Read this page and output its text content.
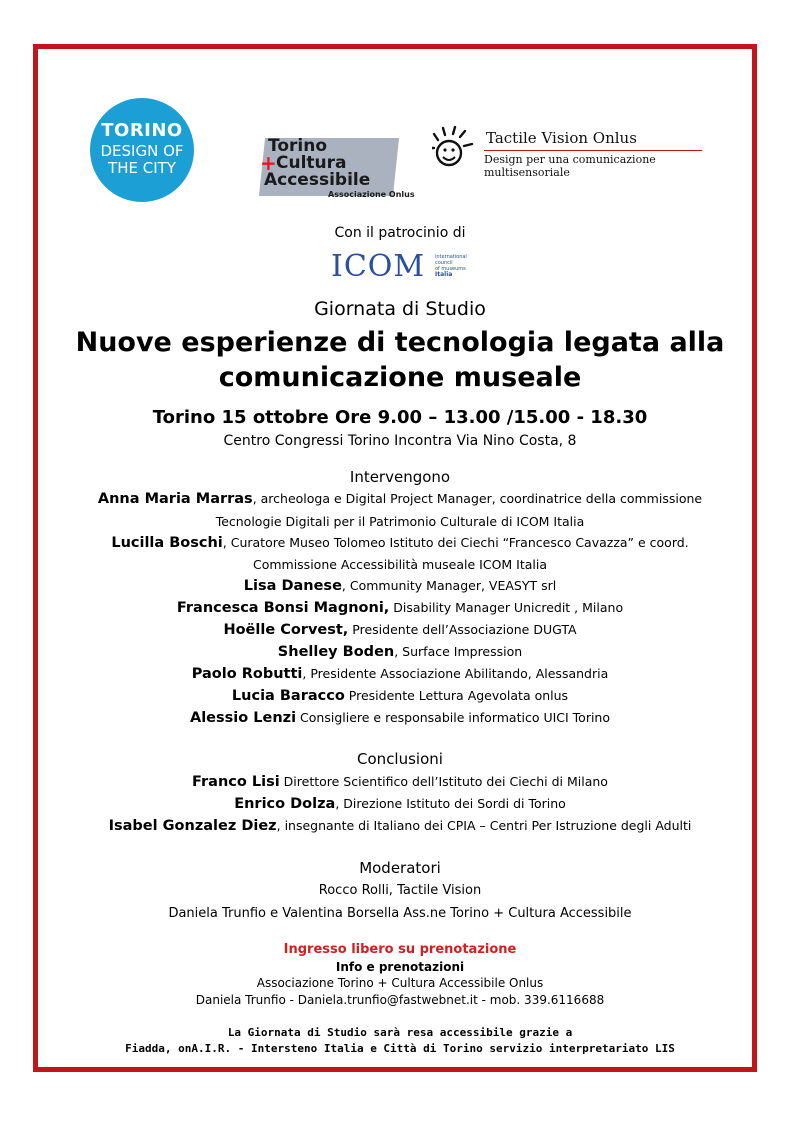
TORINO
DESIGN OF
THE CITY
Torino
+ Cultura
Accessibile
Associazione Onlus
Tactile Vision Onlus
Design per una comunicazione multisensoriale
Con il patrocinio di
ICOM international
council
of museums
Italia
Giornata di Studio
Nuove esperienze di tecnologia legata alla
comunicazione museale
Torino 15 ottobre Ore 9.00 – 13.00 /15.00 - 18.30
Centro Congressi Torino Incontra Via Nino Costa, 8
Intervengono
Anna Maria Marras, archeologa e Digital Project Manager, coordinatrice della commissione
Tecnologie Digitali per il Patrimonio Culturale di ICOM Italia
Lucilla Boschi, Curatore Museo Tolomeo Istituto dei Ciechi “Francesco Cavazza” e coord.
Commissione Accessibilità museale ICOM Italia
Lisa Danese, Community Manager, VEASYT srl
Francesca Bonsi Magnoni, Disability Manager Unicredit , Milano
Hoëlle Corvest, Presidente dell’Associazione DUGTA
Shelley Boden, Surface Impression
Paolo Robutti, Presidente Associazione Abilitando, Alessandria
Lucia Baracco Presidente Lettura Agevolata onlus
Alessio Lenzi Consigliere e responsabile informatico UICI Torino
Conclusioni
Franco Lisi Direttore Scientifico dell’Istituto dei Ciechi di Milano
Enrico Dolza, Direzione Istituto dei Sordi di Torino
Isabel Gonzalez Diez, insegnante di Italiano dei CPIA – Centri Per Istruzione degli Adulti
Moderatori
Rocco Rolli, Tactile Vision
Daniela Trunfio e Valentina Borsella Ass.ne Torino + Cultura Accessibile
Ingresso libero su prenotazione
Info e prenotazioni
Associazione Torino + Cultura Accessibile Onlus
Daniela Trunfio - Daniela.trunfio@fastwebnet.it - mob. 339.6116688
La Giornata di Studio sarà resa accessibile grazie a
Fiadda, onA.I.R. - Intersteno Italia e Città di Torino servizio interpretariato LIS
